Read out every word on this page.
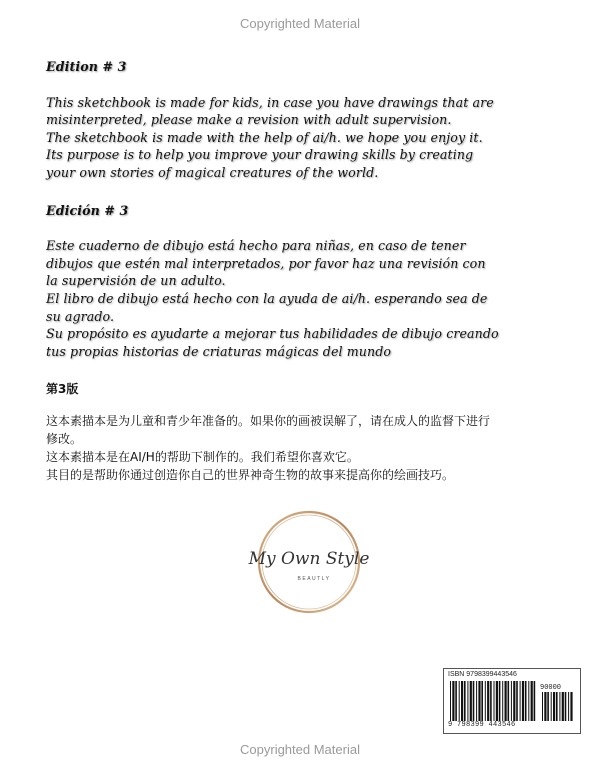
Copyrighted Material

Edition # 3

This sketchbook is made for kids, in case you have drawings that are

misinterpreted, please make a revision with adult supervision.

The sketchbook is made with the help of ai/h. we hope you enjoy it.

Its purpose is to help you improve your drawing skills by creating

your own stories of magical creatures of the world.

Edición # 3

Este cuaderno de dibujo está hecho para niñas, en caso de tener

dibujos que estén mal interpretados, por favor haz una revisión con

la supervisión de un adulto.

El libro de dibujo está hecho con la ayuda de ai/h. esperando sea de

su agrado.

Su propósito es ayudarte a mejorar tus habilidades de dibujo creando

tus propias historias de criaturas mágicas del mundo

第3版

这本素描本是为儿童和青少年准备的。如果你的画被误解了，请在成人的监督下进行

修改。

这本素描本是在AI/H的帮助下制作的。我们希望你喜欢它。

其目的是帮助你通过创造你自己的世界神奇生物的故事来提高你的绘画技巧。

My Own Style
BEAUTLY
ISBN 9798399443546
90000
9 798399 443546
Copyrighted Material
